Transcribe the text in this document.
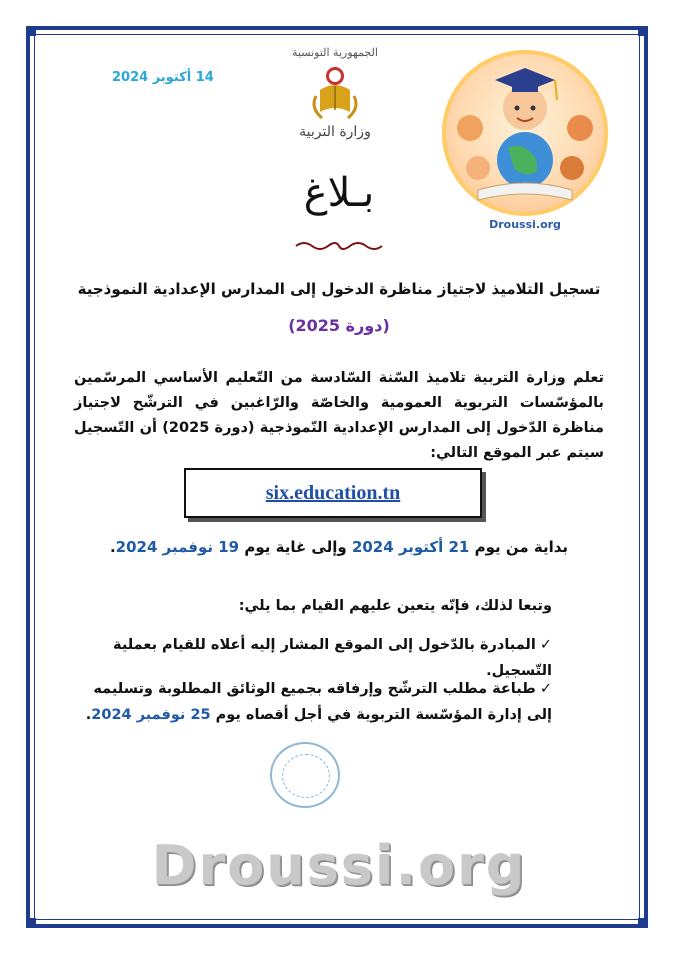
14 أكتوبر 2024
الجمهورية التونسية
وزارة التربية
Droussi.org
بـلاغ
تسجيل التلاميذ لاجتياز مناظرة الدخول إلى المدارس الإعدادية النموذجية
(دورة 2025)
تعلم وزارة التربية تلاميذ السّنة السّادسة من التّعليم الأساسي المرسّمين بالمؤسّسات التربوية العمومية والخاصّة والرّاغبين في الترشّح لاجتياز مناظرة الدّخول إلى المدارس الإعدادية النّموذجية (دورة 2025) أن التّسجيل سيتم عبر الموقع التالي:
six.education.tn
بداية من يوم 21 أكتوبر 2024 وإلى غاية يوم 19 نوفمبر 2024.
وتبعا لذلك، فإنّه يتعين عليهم القيام بما يلي:
✓المبادرة بالدّخول إلى الموقع المشار إليه أعلاه للقيام بعملية التّسجيل.
✓طباعة مطلب الترشّح وإرفاقه بجميع الوثائق المطلوبة وتسليمه إلى إدارة المؤسّسة التربوية في أجل أقصاه يوم 25 نوفمبر 2024.
Droussi.org
